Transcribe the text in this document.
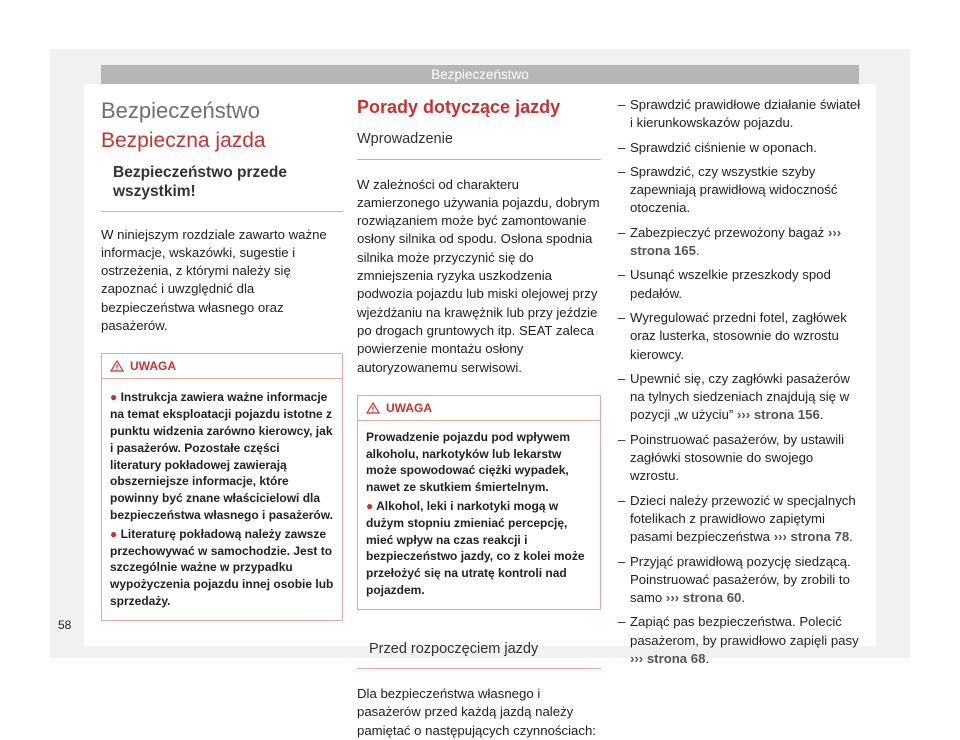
Bezpieczeństwo
Bezpieczeństwo
Bezpieczna jazda
Bezpieczeństwo przede wszystkim!

W niniejszym rozdziale zawarto ważne informacje, wskazówki, sugestie i ostrzeżenia, z którymi należy się zapoznać i uwzględnić dla bezpieczeństwa własnego oraz pasażerów.

UWAGA

● Instrukcja zawiera ważne informacje na temat eksploatacji pojazdu istotne z punktu widzenia zarówno kierowcy, jak i pasażerów. Pozostałe części literatury pokładowej zawierają obszerniejsze informacje, które powinny być znane właścicielowi dla bezpieczeństwa własnego i pasażerów.

● Literaturę pokładową należy zawsze przechowywać w samochodzie. Jest to szczególnie ważne w przypadku wypożyczenia pojazdu innej osobie lub sprzedaży.

Porady dotyczące jazdy
Wprowadzenie

W zależności od charakteru zamierzonego używania pojazdu, dobrym rozwiązaniem może być zamontowanie osłony silnika od spodu. Osłona spodnia silnika może przyczynić się do zmniejszenia ryzyka uszkodzenia podwozia pojazdu lub miski olejowej przy wjeżdżaniu na krawężnik lub przy jeździe po drogach gruntowych itp. SEAT zaleca powierzenie montażu osłony autoryzowanemu serwisowi.

UWAGA

Prowadzenie pojazdu pod wpływem alkoholu, narkotyków lub lekarstw może spowodować ciężki wypadek, nawet ze skutkiem śmiertelnym.

● Alkohol, leki i narkotyki mogą w dużym stopniu zmieniać percepcję, mieć wpływ na czas reakcji i bezpieczeństwo jazdy, co z kolei może przełożyć się na utratę kontroli nad pojazdem.

Przed rozpoczęciem jazdy

Dla bezpieczeństwa własnego i pasażerów przed każdą jazdą należy pamiętać o następujących czynnościach:

– Sprawdzić prawidłowe działanie świateł i kierunkowskazów pojazdu.
– Sprawdzić ciśnienie w oponach.
– Sprawdzić, czy wszystkie szyby zapewniają prawidłową widoczność otoczenia.
– Zabezpieczyć przewożony bagaż ››› strona 165.
– Usunąć wszelkie przeszkody spod pedałów.
– Wyregulować przedni fotel, zagłówek oraz lusterka, stosownie do wzrostu kierowcy.
– Upewnić się, czy zagłówki pasażerów na tylnych siedzeniach znajdują się w pozycji „w użyciu” ››› strona 156.
– Poinstruować pasażerów, by ustawili zagłówki stosownie do swojego wzrostu.
– Dzieci należy przewozić w specjalnych fotelikach z prawidłowo zapiętymi pasami bezpieczeństwa ››› strona 78.
– Przyjąć prawidłową pozycję siedzącą. Poinstruować pasażerów, by zrobili to samo ››› strona 60.
– Zapiąć pas bezpieczeństwa. Polecić pasażerom, by prawidłowo zapięli pasy ››› strona 68.
58
